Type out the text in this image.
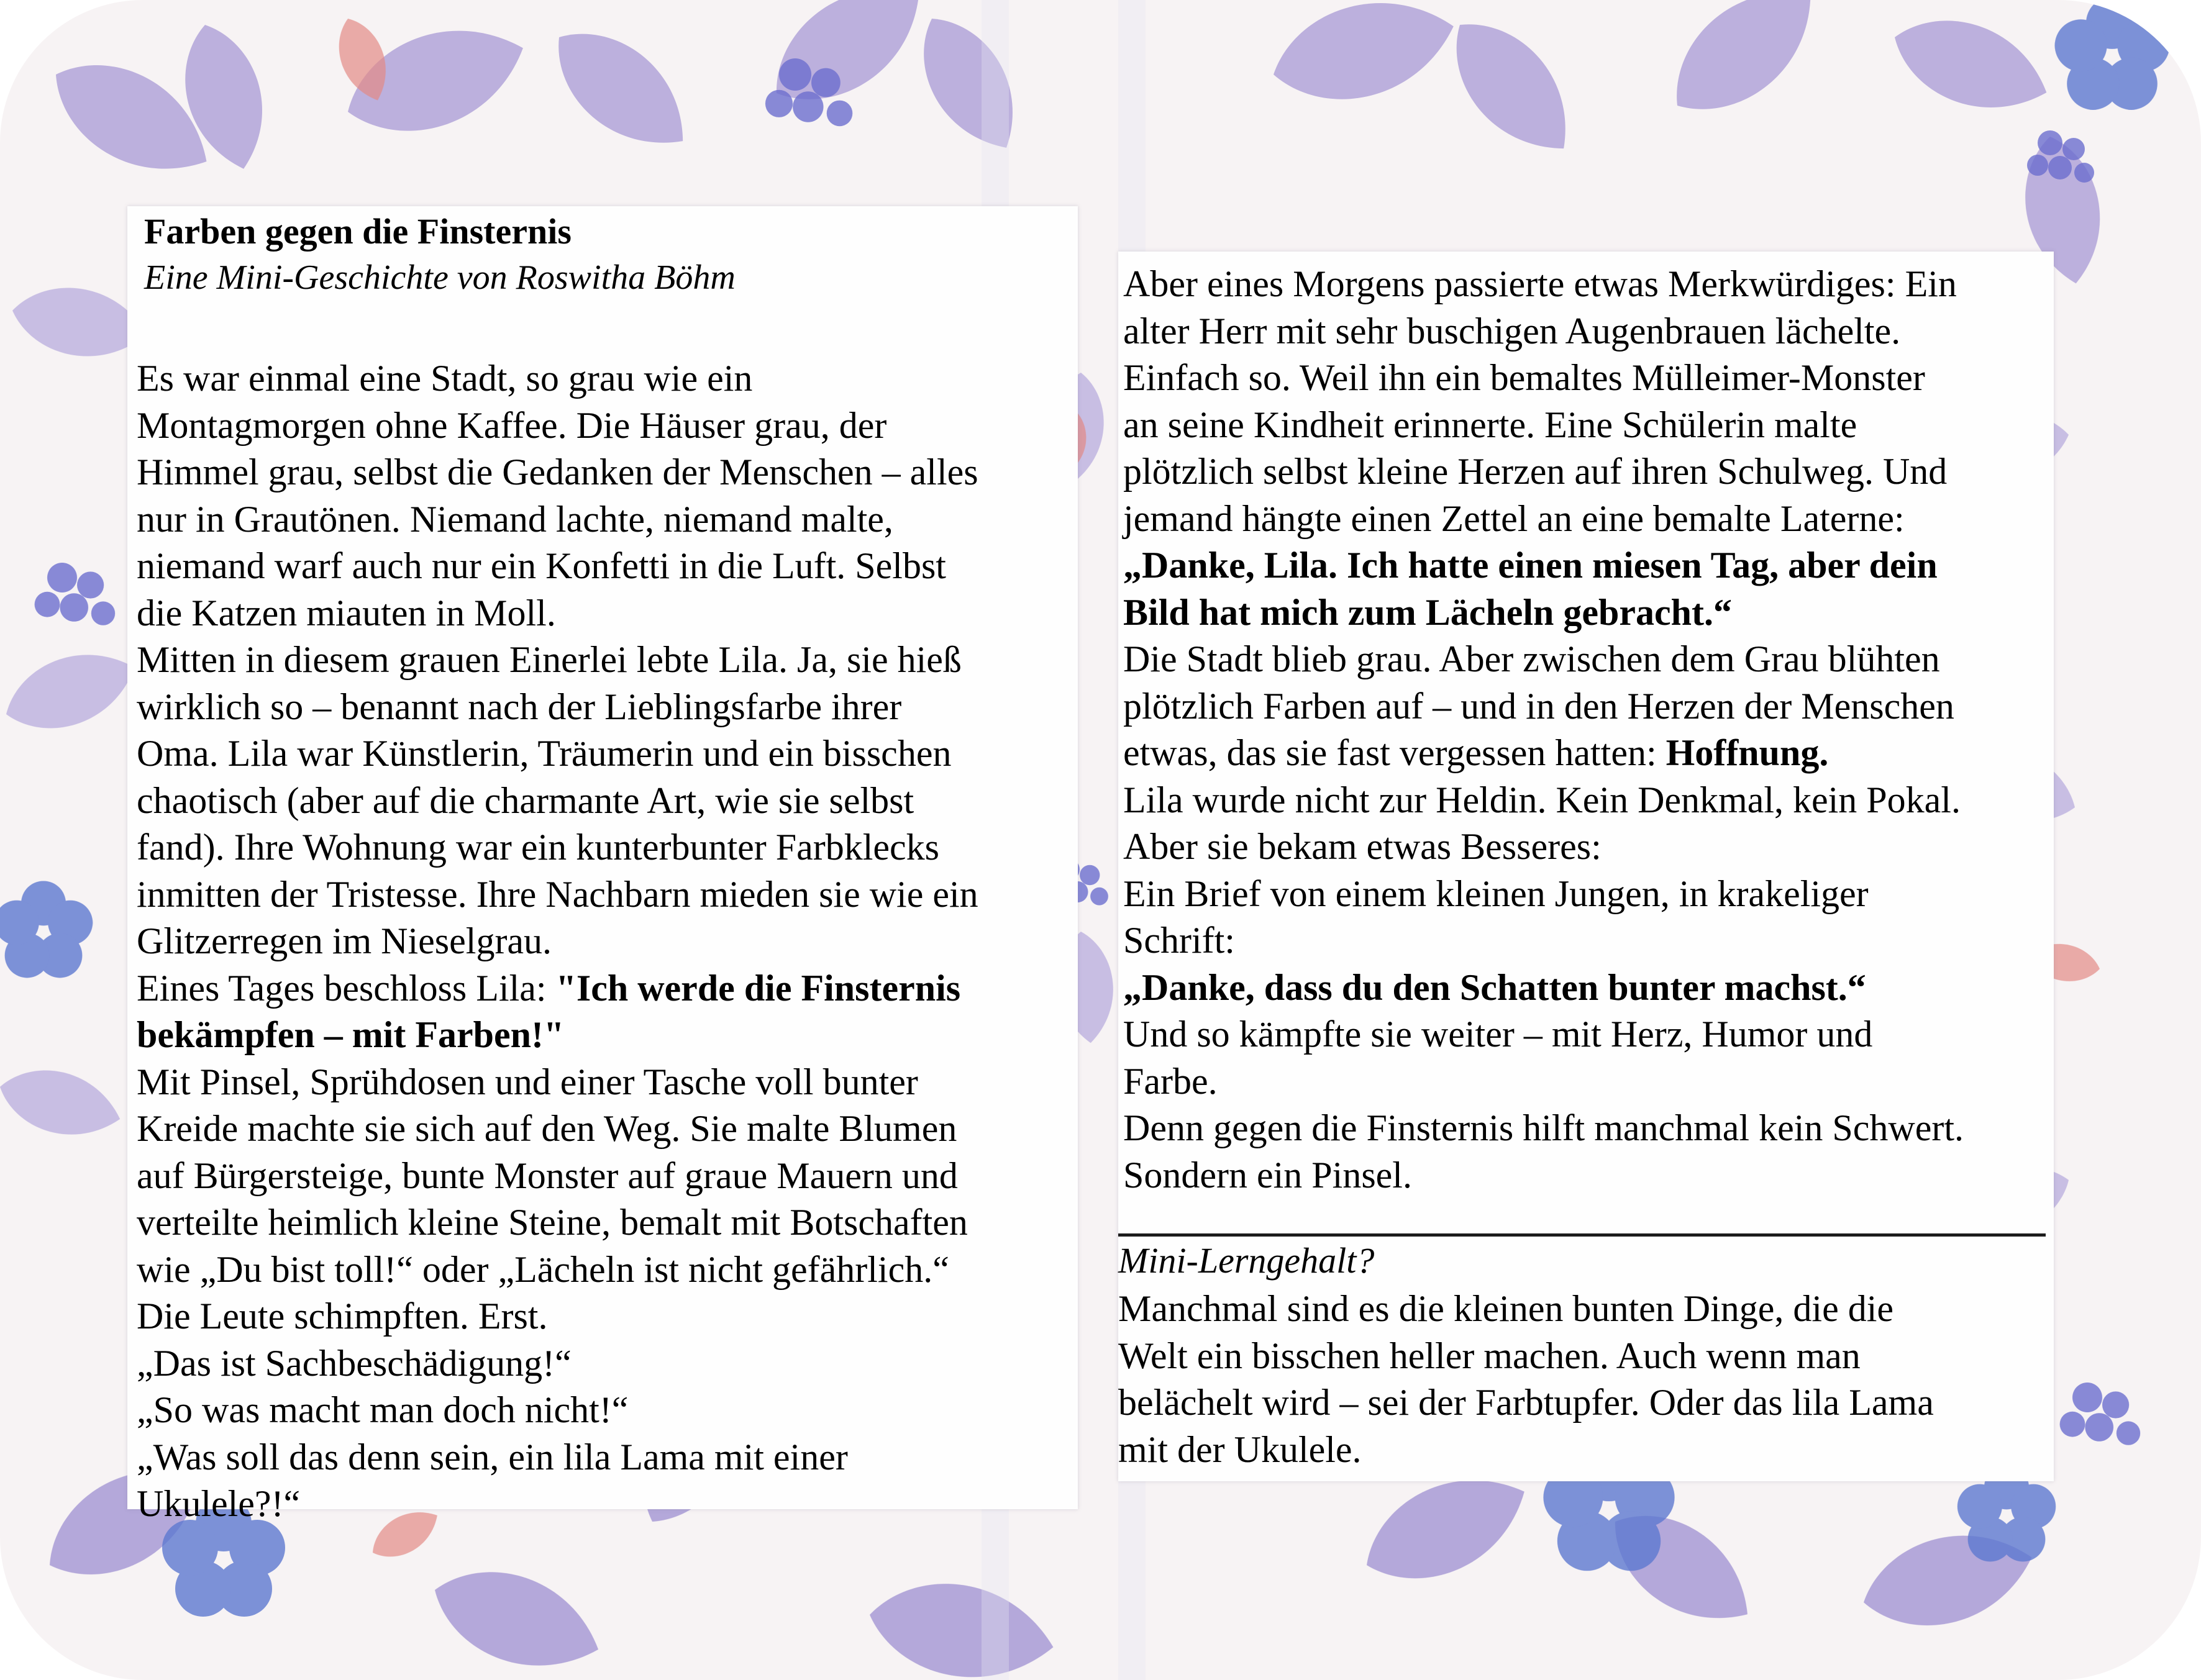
Farben gegen die Finsternis
Eine Mini-Geschichte von Roswitha Böhm
Es war einmal eine Stadt, so grau wie ein
Montagmorgen ohne Kaffee. Die Häuser grau, der
Himmel grau, selbst die Gedanken der Menschen – alles
nur in Grautönen. Niemand lachte, niemand malte,
niemand warf auch nur ein Konfetti in die Luft. Selbst
die Katzen miauten in Moll.
Mitten in diesem grauen Einerlei lebte Lila. Ja, sie hieß
wirklich so – benannt nach der Lieblingsfarbe ihrer
Oma. Lila war Künstlerin, Träumerin und ein bisschen
chaotisch (aber auf die charmante Art, wie sie selbst
fand). Ihre Wohnung war ein kunterbunter Farbklecks
inmitten der Tristesse. Ihre Nachbarn mieden sie wie ein
Glitzerregen im Nieselgrau.
Eines Tages beschloss Lila: "Ich werde die Finsternis
bekämpfen – mit Farben!"
Mit Pinsel, Sprühdosen und einer Tasche voll bunter
Kreide machte sie sich auf den Weg. Sie malte Blumen
auf Bürgersteige, bunte Monster auf graue Mauern und
verteilte heimlich kleine Steine, bemalt mit Botschaften
wie „Du bist toll!“ oder „Lächeln ist nicht gefährlich.“
Die Leute schimpften. Erst.
„Das ist Sachbeschädigung!“
„So was macht man doch nicht!“
„Was soll das denn sein, ein lila Lama mit einer
Ukulele?!“
Aber eines Morgens passierte etwas Merkwürdiges: Ein
alter Herr mit sehr buschigen Augenbrauen lächelte.
Einfach so. Weil ihn ein bemaltes Mülleimer-Monster
an seine Kindheit erinnerte. Eine Schülerin malte
plötzlich selbst kleine Herzen auf ihren Schulweg. Und
jemand hängte einen Zettel an eine bemalte Laterne:
„Danke, Lila. Ich hatte einen miesen Tag, aber dein
Bild hat mich zum Lächeln gebracht.“
Die Stadt blieb grau. Aber zwischen dem Grau blühten
plötzlich Farben auf – und in den Herzen der Menschen
etwas, das sie fast vergessen hatten: Hoffnung.
Lila wurde nicht zur Heldin. Kein Denkmal, kein Pokal.
Aber sie bekam etwas Besseres:
Ein Brief von einem kleinen Jungen, in krakeliger
Schrift:
„Danke, dass du den Schatten bunter machst.“
Und so kämpfte sie weiter – mit Herz, Humor und
Farbe.
Denn gegen die Finsternis hilft manchmal kein Schwert.
Sondern ein Pinsel.
Mini-Lerngehalt?
Manchmal sind es die kleinen bunten Dinge, die die
Welt ein bisschen heller machen. Auch wenn man
belächelt wird – sei der Farbtupfer. Oder das lila Lama
mit der Ukulele.
